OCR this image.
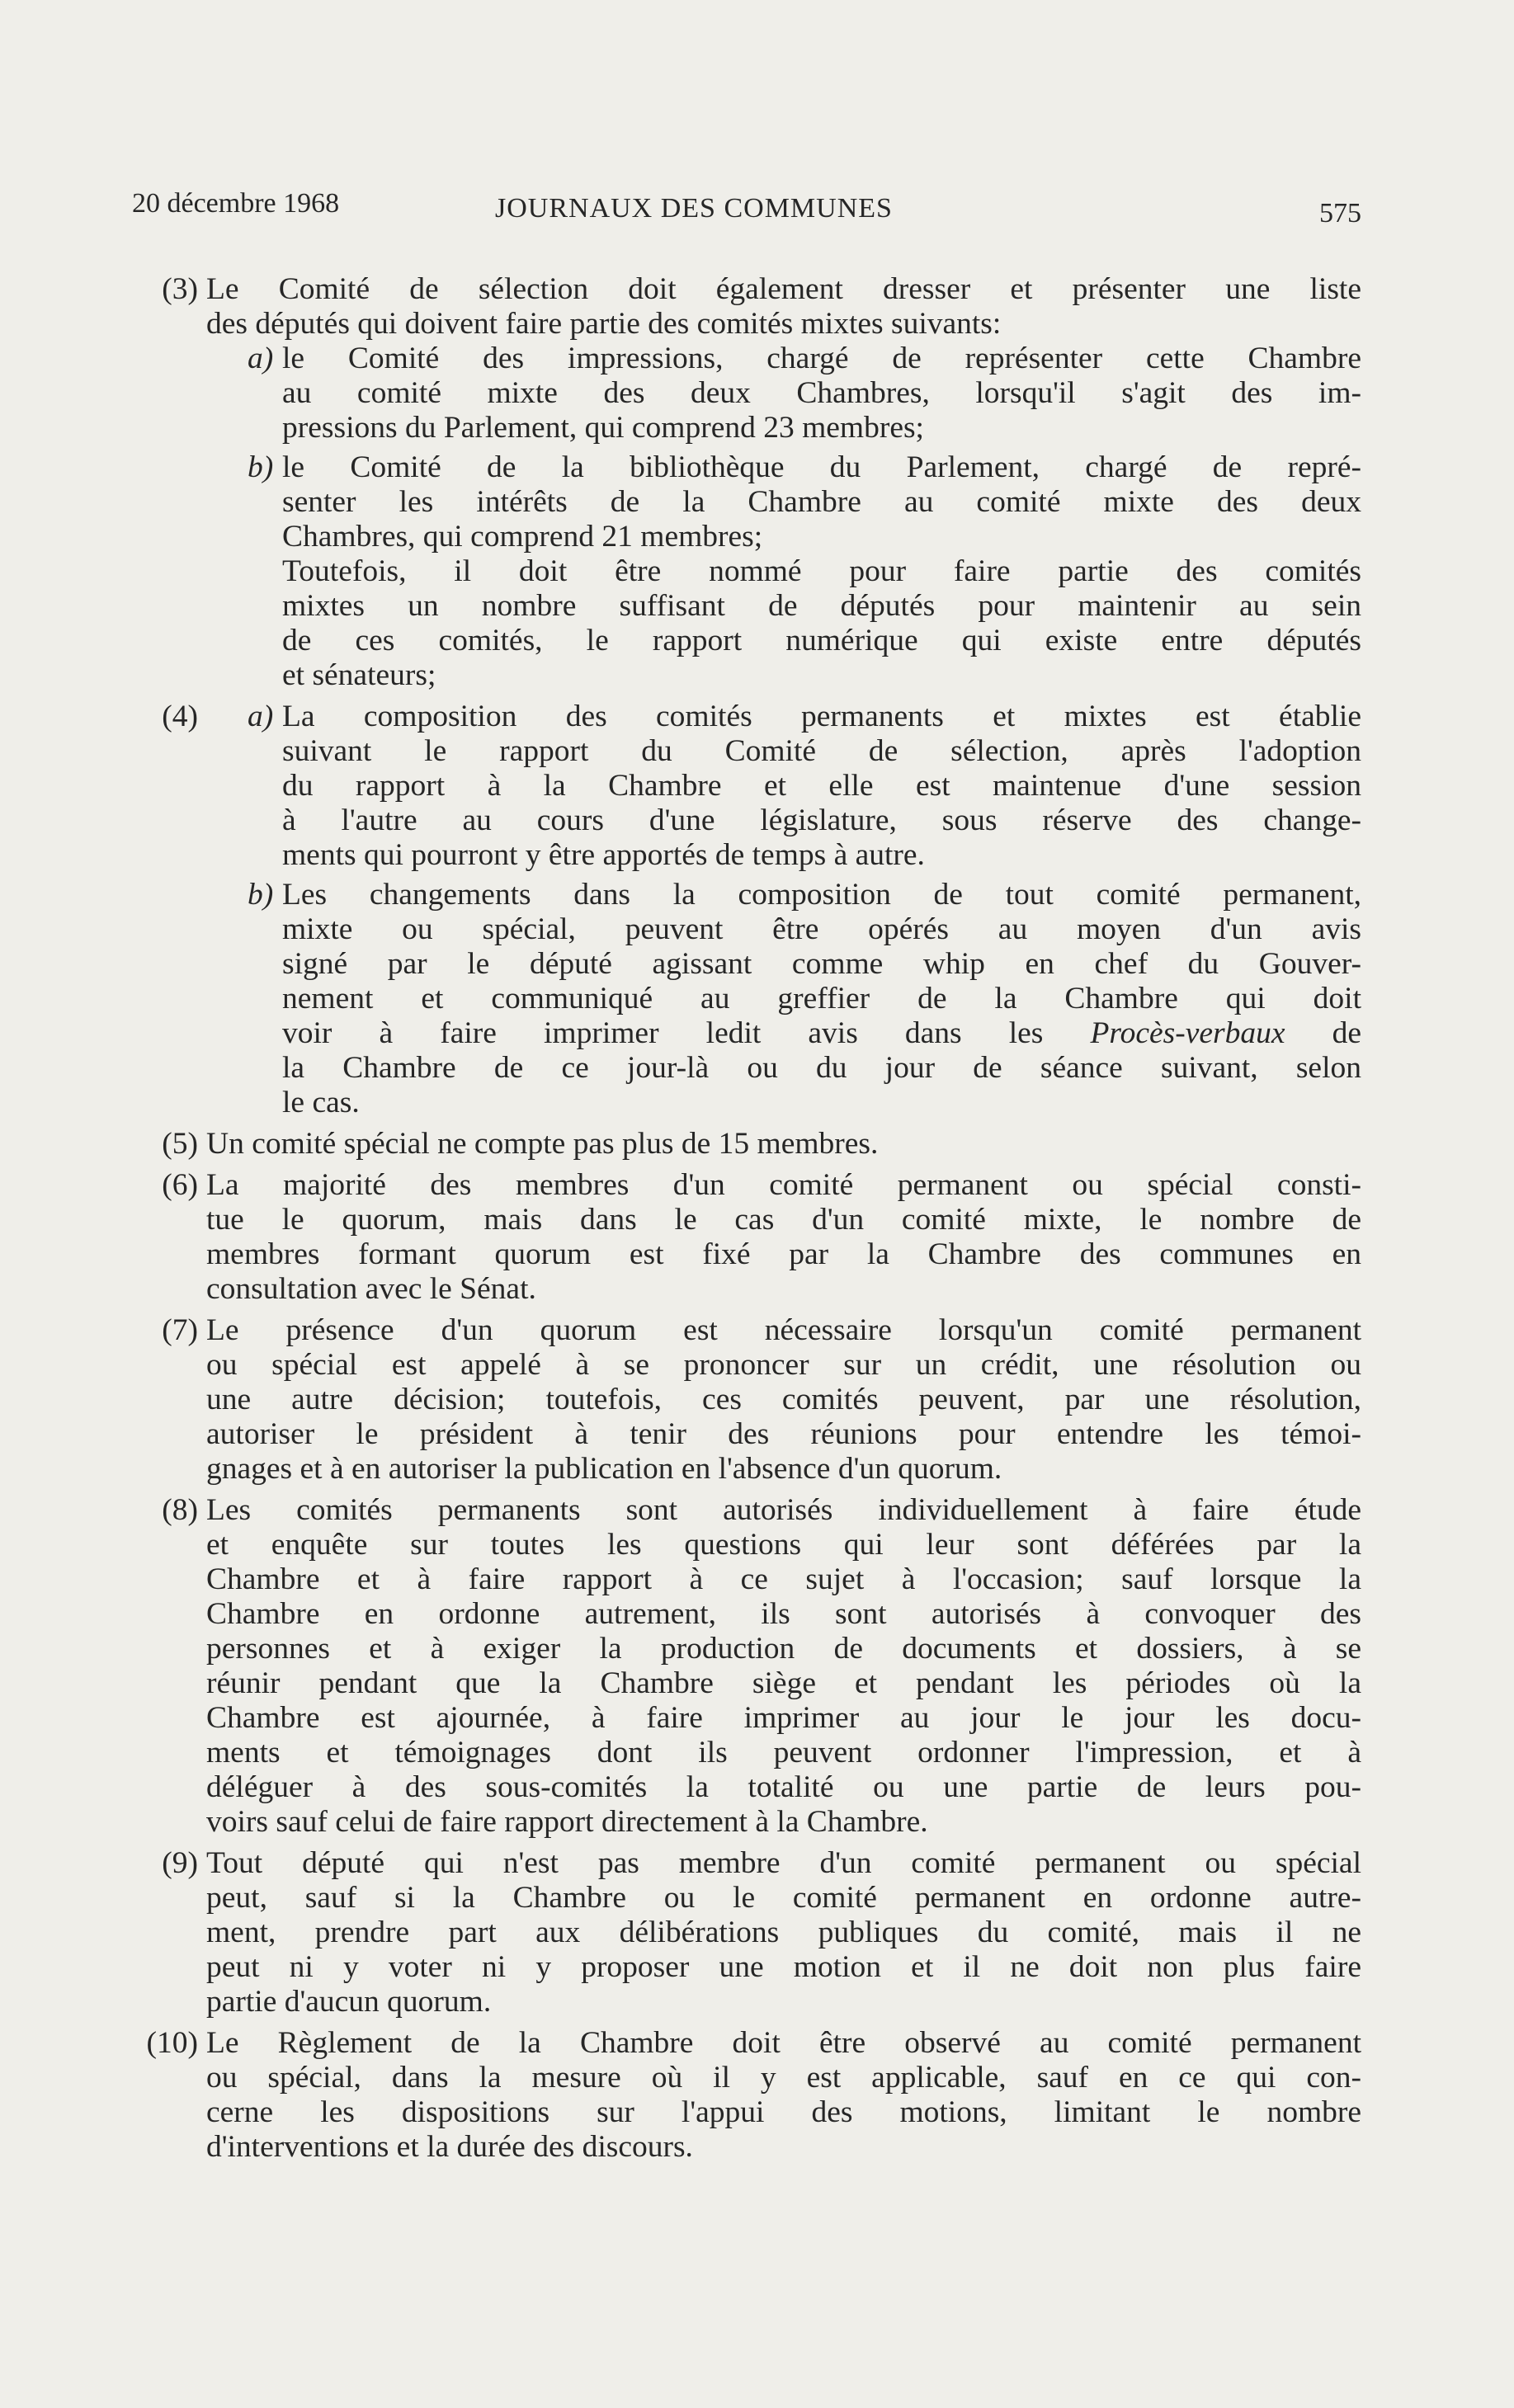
20 décembre 1968	JOURNAUX DES COMMUNES	575
(3) Le Comité de sélection doit également dresser et présenter une liste
des députés qui doivent faire partie des comités mixtes suivants:
a) le Comité des impressions, chargé de représenter cette Chambre
au comité mixte des deux Chambres, lorsqu'il s'agit des im-
pressions du Parlement, qui comprend 23 membres;
b) le Comité de la bibliothèque du Parlement, chargé de repré-
senter les intérêts de la Chambre au comité mixte des deux
Chambres, qui comprend 21 membres;
Toutefois, il doit être nommé pour faire partie des comités
mixtes un nombre suffisant de députés pour maintenir au sein
de ces comités, le rapport numérique qui existe entre députés
et sénateurs;
(4) a) La composition des comités permanents et mixtes est établie
suivant le rapport du Comité de sélection, après l'adoption
du rapport à la Chambre et elle est maintenue d'une session
à l'autre au cours d'une législature, sous réserve des change-
ments qui pourront y être apportés de temps à autre.
b) Les changements dans la composition de tout comité permanent,
mixte ou spécial, peuvent être opérés au moyen d'un avis
signé par le député agissant comme whip en chef du Gouver-
nement et communiqué au greffier de la Chambre qui doit
voir à faire imprimer ledit avis dans les Procès-verbaux de
la Chambre de ce jour-là ou du jour de séance suivant, selon
le cas.
(5) Un comité spécial ne compte pas plus de 15 membres.
(6) La majorité des membres d'un comité permanent ou spécial consti-
tue le quorum, mais dans le cas d'un comité mixte, le nombre de
membres formant quorum est fixé par la Chambre des communes en
consultation avec le Sénat.
(7) Le présence d'un quorum est nécessaire lorsqu'un comité permanent
ou spécial est appelé à se prononcer sur un crédit, une résolution ou
une autre décision; toutefois, ces comités peuvent, par une résolution,
autoriser le président à tenir des réunions pour entendre les témoi-
gnages et à en autoriser la publication en l'absence d'un quorum.
(8) Les comités permanents sont autorisés individuellement à faire étude
et enquête sur toutes les questions qui leur sont déférées par la
Chambre et à faire rapport à ce sujet à l'occasion; sauf lorsque la
Chambre en ordonne autrement, ils sont autorisés à convoquer des
personnes et à exiger la production de documents et dossiers, à se
réunir pendant que la Chambre siège et pendant les périodes où la
Chambre est ajournée, à faire imprimer au jour le jour les docu-
ments et témoignages dont ils peuvent ordonner l'impression, et à
déléguer à des sous-comités la totalité ou une partie de leurs pou-
voirs sauf celui de faire rapport directement à la Chambre.
(9) Tout député qui n'est pas membre d'un comité permanent ou spécial
peut, sauf si la Chambre ou le comité permanent en ordonne autre-
ment, prendre part aux délibérations publiques du comité, mais il ne
peut ni y voter ni y proposer une motion et il ne doit non plus faire
partie d'aucun quorum.
(10) Le Règlement de la Chambre doit être observé au comité permanent
ou spécial, dans la mesure où il y est applicable, sauf en ce qui con-
cerne les dispositions sur l'appui des motions, limitant le nombre
d'interventions et la durée des discours.
